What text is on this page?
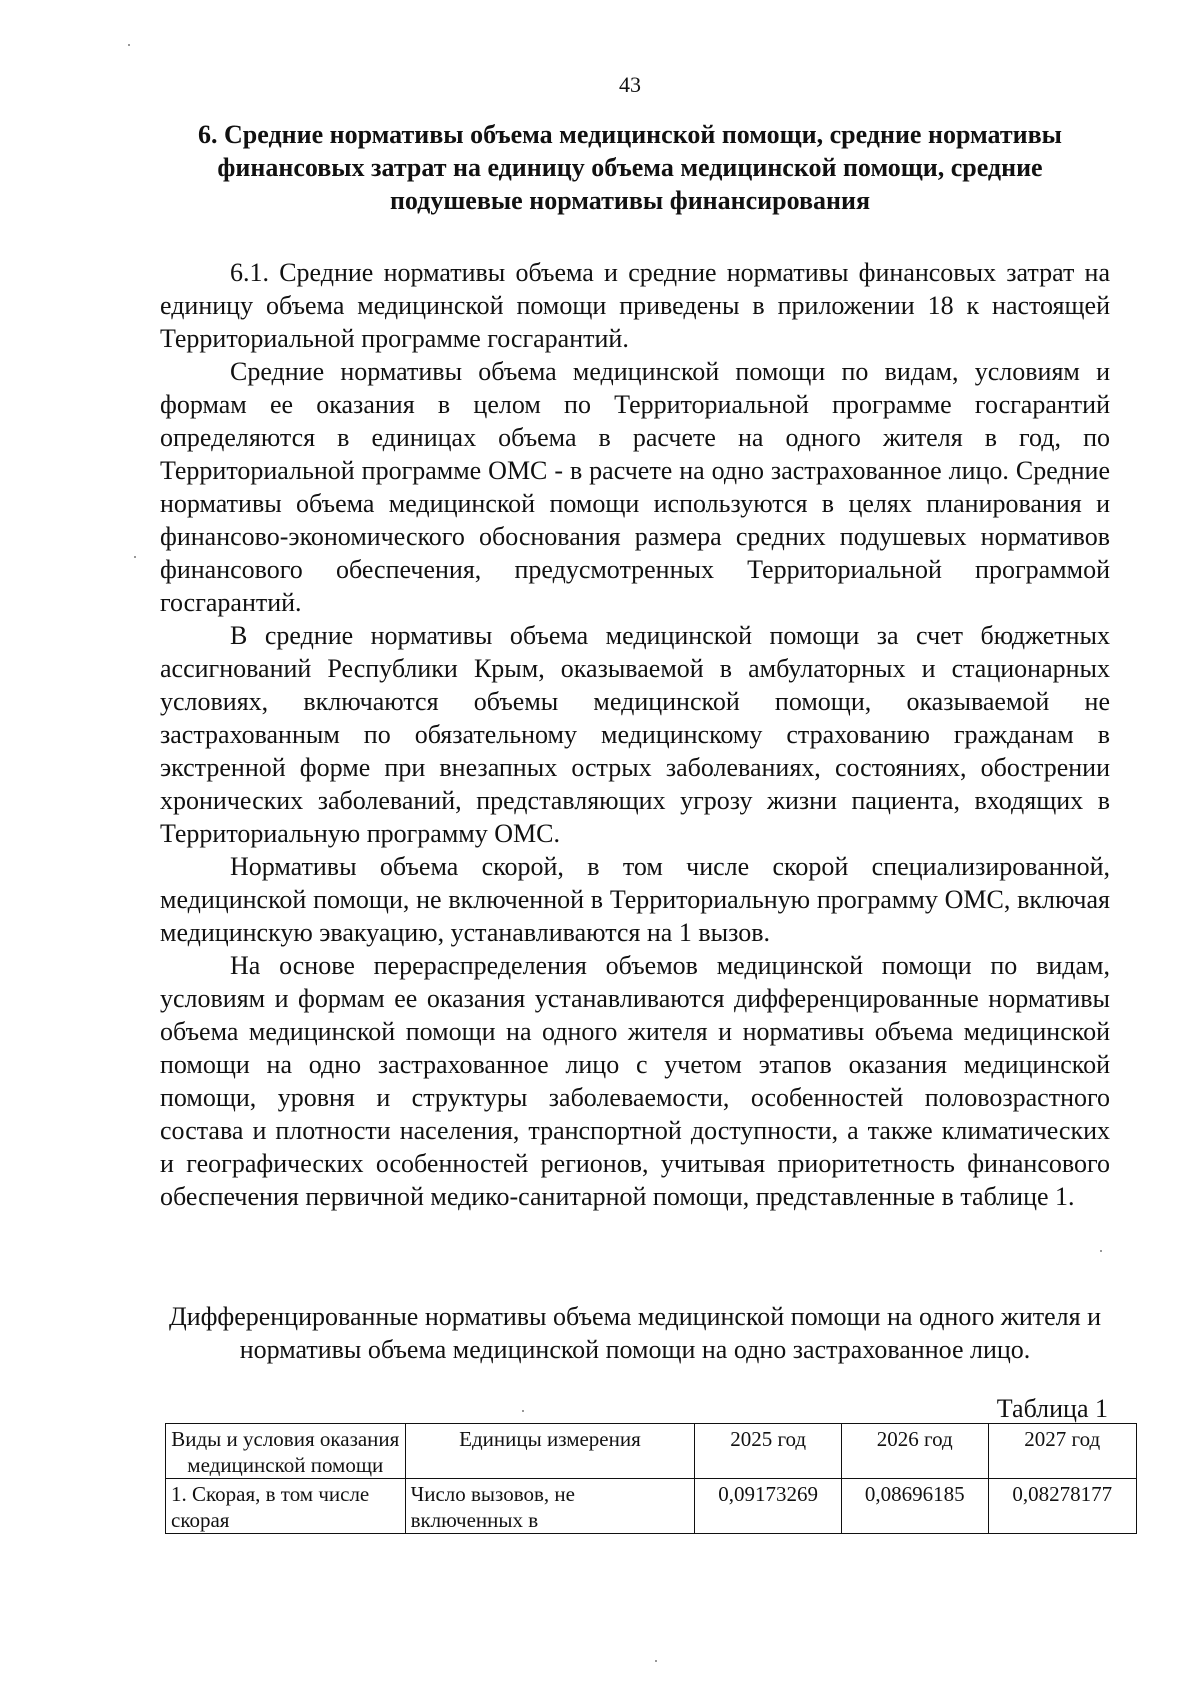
43
6. Средние нормативы объема медицинской помощи, средние нормативы финансовых затрат на единицу объема медицинской помощи, средние подушевые нормативы финансирования

6.1. Средние нормативы объема и средние нормативы финансовых затрат на единицу объема медицинской помощи приведены в приложении 18 к настоящей Территориальной программе госгарантий.

Средние нормативы объема медицинской помощи по видам, условиям и формам ее оказания в целом по Территориальной программе госгарантий определяются в единицах объема в расчете на одного жителя в год, по Территориальной программе ОМС - в расчете на одно застрахованное лицо. Средние нормативы объема медицинской помощи используются в целях планирования и финансово-экономического обоснования размера средних подушевых нормативов финансового обеспечения, предусмотренных Территориальной программой госгарантий.

В средние нормативы объема медицинской помощи за счет бюджетных ассигнований Республики Крым, оказываемой в амбулаторных и стационарных условиях, включаются объемы медицинской помощи, оказываемой не застрахованным по обязательному медицинскому страхованию гражданам в экстренной форме при внезапных острых заболеваниях, состояниях, обострении хронических заболеваний, представляющих угрозу жизни пациента, входящих в Территориальную программу ОМС.

Нормативы объема скорой, в том числе скорой специализированной, медицинской помощи, не включенной в Территориальную программу ОМС, включая медицинскую эвакуацию, устанавливаются на 1 вызов.

На основе перераспределения объемов медицинской помощи по видам, условиям и формам ее оказания устанавливаются дифференцированные нормативы объема медицинской помощи на одного жителя и нормативы объема медицинской помощи на одно застрахованное лицо с учетом этапов оказания медицинской помощи, уровня и структуры заболеваемости, особенностей половозрастного состава и плотности населения, транспортной доступности, а также климатических и географических особенностей регионов, учитывая приоритетность финансового обеспечения первичной медико-санитарной помощи, представленные в таблице 1.

Дифференцированные нормативы объема медицинской помощи на одного жителя и нормативы объема медицинской помощи на одно застрахованное лицо.
Таблица 1
Виды и условия оказания медицинской помощи	Единицы измерения	2025 год	2026 год	2027 год
1. Скорая, в том числе скорая	Число вызовов, не включенных в	0,09173269	0,08696185	0,08278177
